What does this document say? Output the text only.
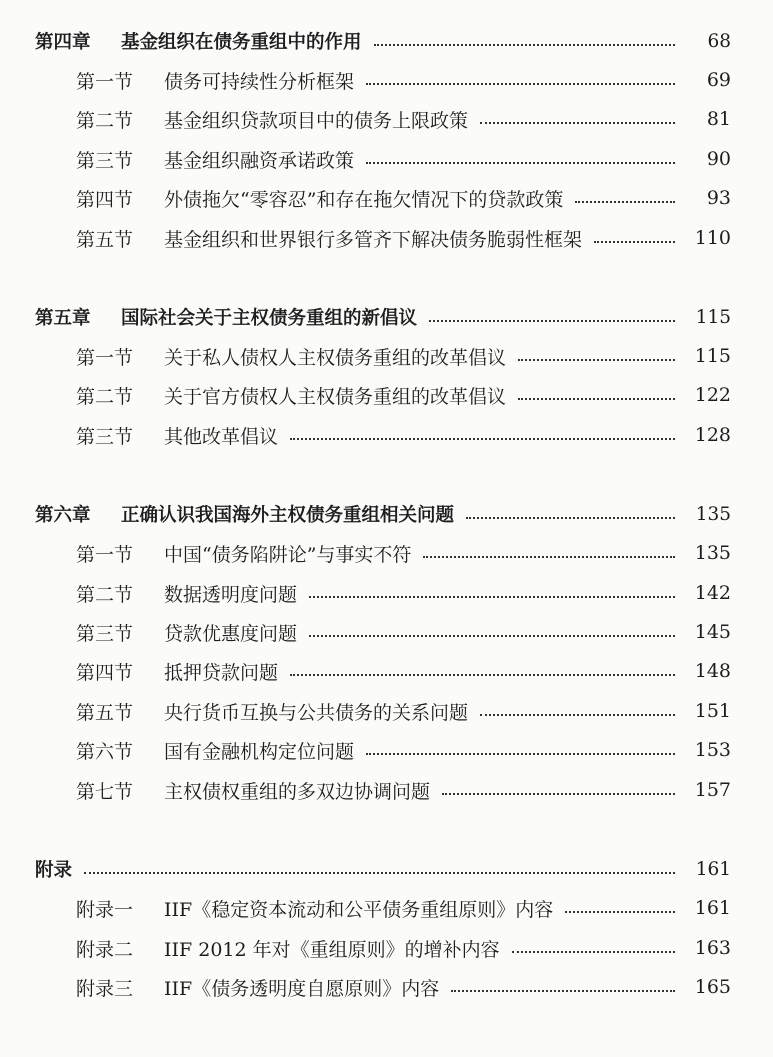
第四章	基金组织在债务重组中的作用	68
第一节	债务可持续性分析框架	69
第二节	基金组织贷款项目中的债务上限政策	81
第三节	基金组织融资承诺政策	90
第四节	外债拖欠“零容忍”和存在拖欠情况下的贷款政策	93
第五节	基金组织和世界银行多管齐下解决债务脆弱性框架	110
第五章	国际社会关于主权债务重组的新倡议	115
第一节	关于私人债权人主权债务重组的改革倡议	115
第二节	关于官方债权人主权债务重组的改革倡议	122
第三节	其他改革倡议	128
第六章	正确认识我国海外主权债务重组相关问题	135
第一节	中国“债务陷阱论”与事实不符	135
第二节	数据透明度问题	142
第三节	贷款优惠度问题	145
第四节	抵押贷款问题	148
第五节	央行货币互换与公共债务的关系问题	151
第六节	国有金融机构定位问题	153
第七节	主权债权重组的多双边协调问题	157
附录	161
附录一	IIF《稳定资本流动和公平债务重组原则》内容	161
附录二	IIF 2012 年对《重组原则》的增补内容	163
附录三	IIF《债务透明度自愿原则》内容	165
